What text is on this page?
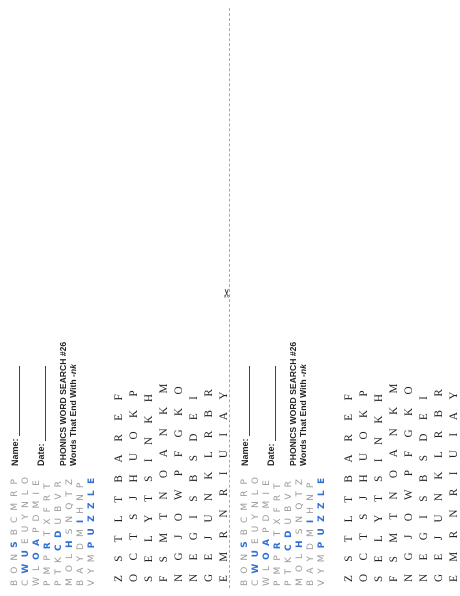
B O N S B C M R P
C W U E U Y N L O
W L O A P D M I E
P M P R T X F R T
P T K C D U B V R
M O L H S N Q T Z
B A Y D M I H N P
V Y M P U Z Z L E
Name: Date: PHONICS WORD SEARCH #26 Words That End With -nk
Z S T L T B A R E F O C T S J H U O K P S E L Y T S I N K H F S M T N O A N K M N G J O W P F G K O N E G I S B S D E I G E J U N K L R B R E M R N R I U I A Y
✂
B O N S B C M R P
C W U E U Y N L O
W L O A P D M I E
P M P R T X F R T
P T K C D U B V R
M O L H S N Q T Z
B A Y D M I H N P
V Y M P U Z Z L E
Name: Date: PHONICS WORD SEARCH #26 Words That End With -nk
Z S T L T B A R E F O C T S J H U O K P S E L Y T S I N K H F S M T N O A N K M N G J O W P F G K O N E G I S B S D E I G E J U N K L R B R E M R N R I U I A Y
